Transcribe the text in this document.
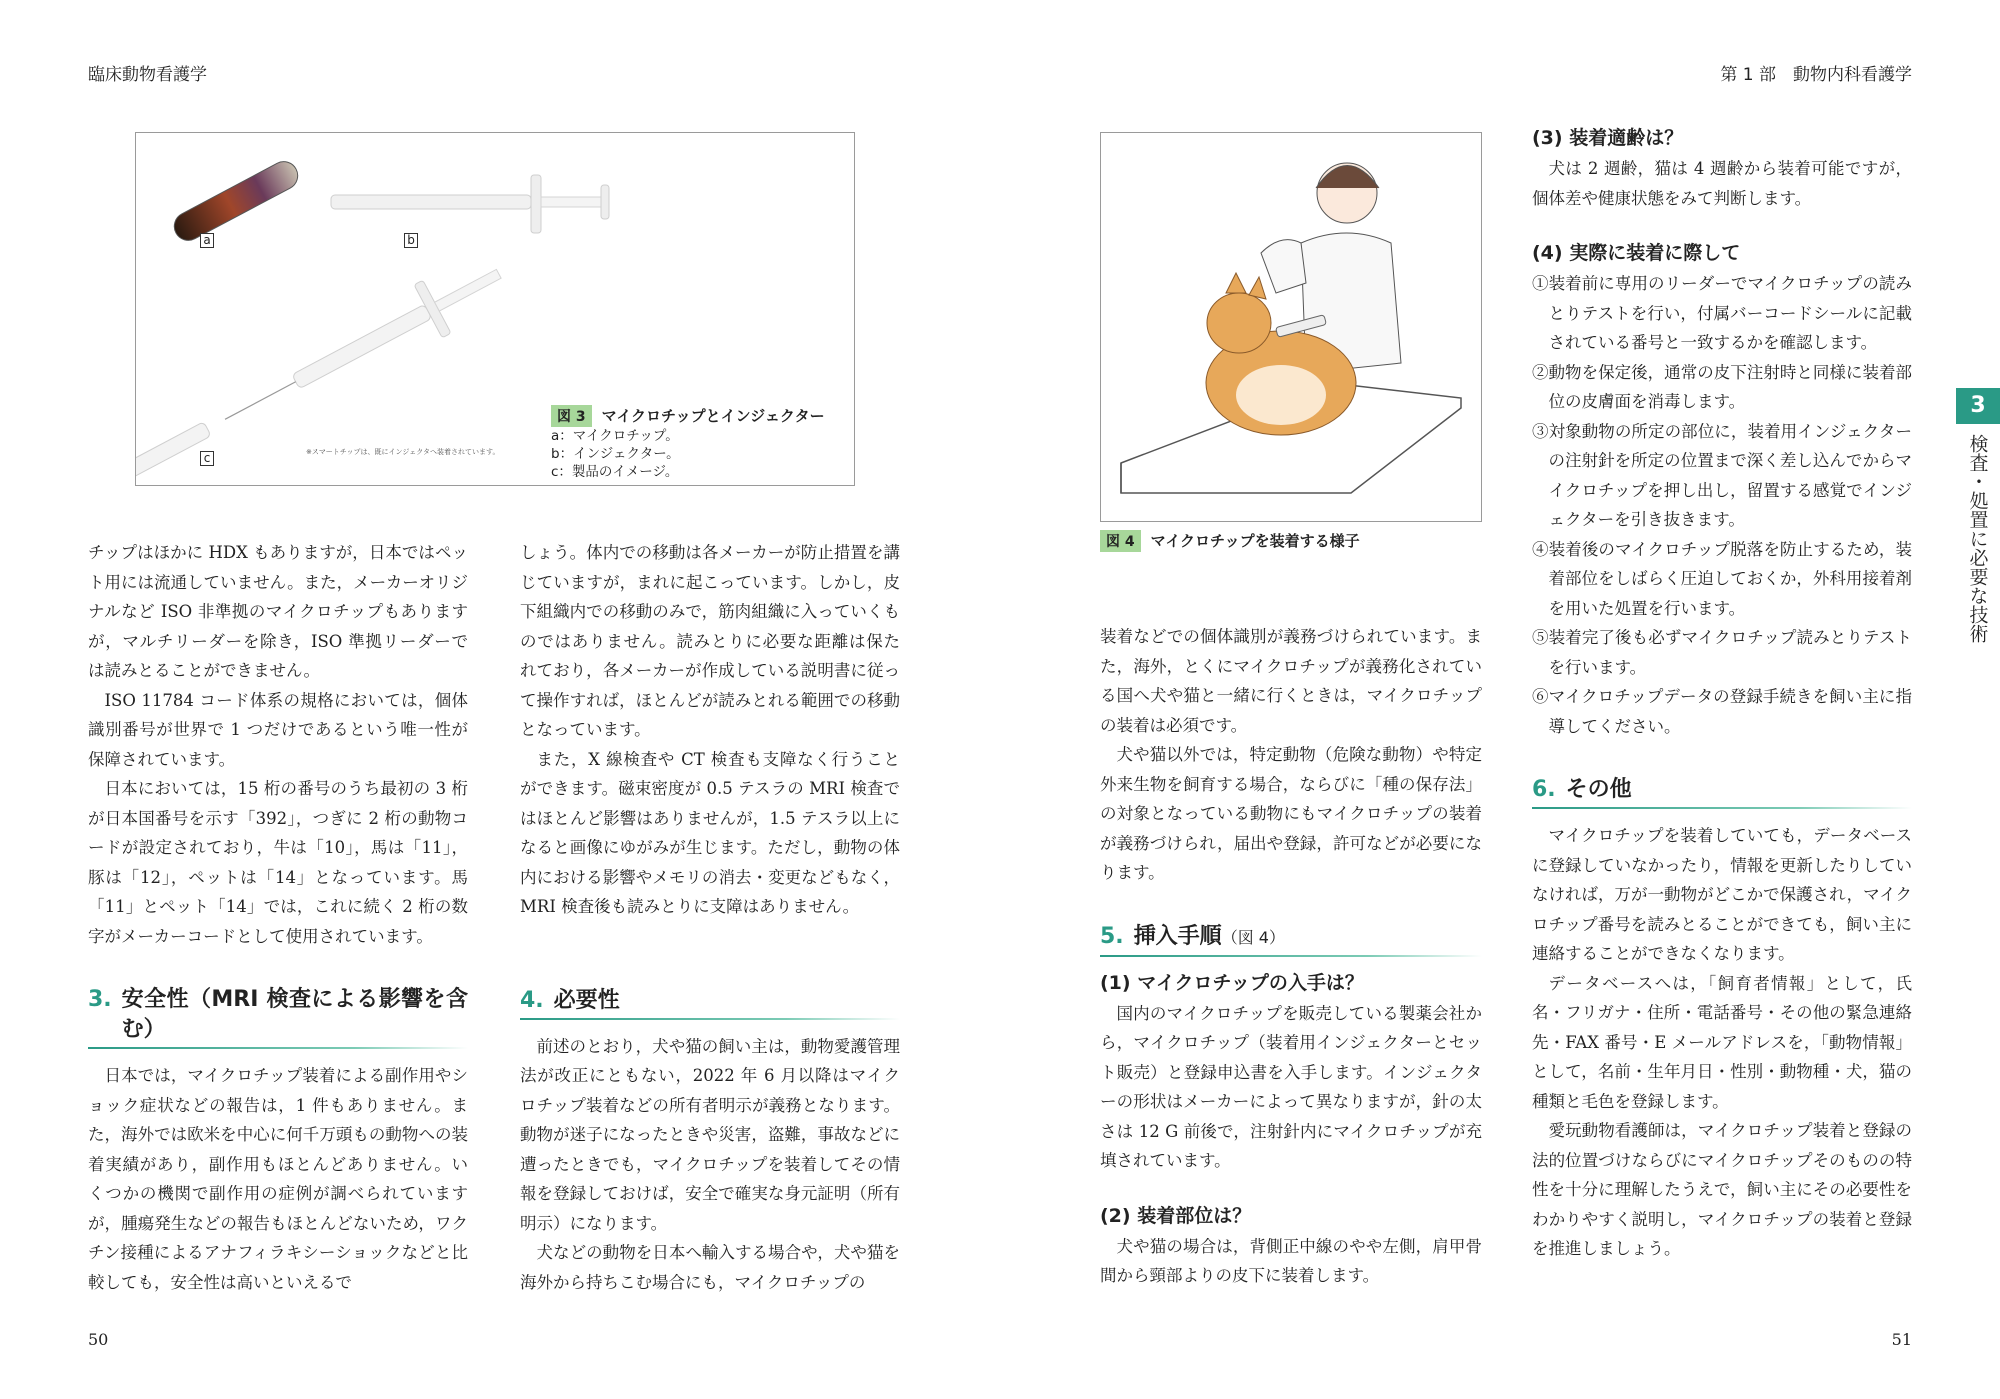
臨床動物看護学	第 1 部　動物内科看護学
a	b
c	※スマートチップは、既にインジェクタへ装着されています。
図 3 マイクロチップとインジェクター
a：マイクロチップ。
b：インジェクター。
c：製品のイメージ。

チップはほかに HDX もありますが，日本ではペット用には流通していません。また，メーカーオリジナルなど ISO 非準拠のマイクロチップもありますが，マルチリーダーを除き，ISO 準拠リーダーでは読みとることができません。

ISO 11784 コード体系の規格においては，個体識別番号が世界で 1 つだけであるという唯一性が保障されています。

日本においては，15 桁の番号のうち最初の 3 桁が日本国番号を示す「392」，つぎに 2 桁の動物コードが設定されており，牛は「10」，馬は「11」，豚は「12」，ペットは「14」となっています。馬「11」とペット「14」では，これに続く 2 桁の数字がメーカーコードとして使用されています。

3. 安全性（MRI 検査による影響を含む）

日本では，マイクロチップ装着による副作用やショック症状などの報告は，1 件もありません。また，海外では欧米を中心に何千万頭もの動物への装着実績があり，副作用もほとんどありません。いくつかの機関で副作用の症例が調べられていますが，腫瘍発生などの報告もほとんどないため，ワクチン接種によるアナフィラキシーショックなどと比較しても，安全性は高いといえるで

しょう。体内での移動は各メーカーが防止措置を講じていますが，まれに起こっています。しかし，皮下組織内での移動のみで，筋肉組織に入っていくものではありません。読みとりに必要な距離は保たれており，各メーカーが作成している説明書に従って操作すれば，ほとんどが読みとれる範囲での移動となっています。

また，X 線検査や CT 検査も支障なく行うことができます。磁束密度が 0.5 テスラの MRI 検査ではほとんど影響はありませんが，1.5 テスラ以上になると画像にゆがみが生じます。ただし，動物の体内における影響やメモリの消去・変更などもなく，MRI 検査後も読みとりに支障はありません。

4. 必要性

前述のとおり，犬や猫の飼い主は，動物愛護管理法が改正にともない，2022 年 6 月以降はマイクロチップ装着などの所有者明示が義務となります。動物が迷子になったときや災害，盗難，事故などに遭ったときでも，マイクロチップを装着してその情報を登録しておけば，安全で確実な身元証明（所有明示）になります。

犬などの動物を日本へ輸入する場合や，犬や猫を海外から持ちこむ場合にも，マイクロチップの

図 4 マイクロチップを装着する様子

装着などでの個体識別が義務づけられています。また，海外，とくにマイクロチップが義務化されている国へ犬や猫と一緒に行くときは，マイクロチップの装着は必須です。

犬や猫以外では，特定動物（危険な動物）や特定外来生物を飼育する場合，ならびに「種の保存法」の対象となっている動物にもマイクロチップの装着が義務づけられ，届出や登録，許可などが必要になります。

5. 挿入手順（図 4）
(1) マイクロチップの入手は？

国内のマイクロチップを販売している製薬会社から，マイクロチップ（装着用インジェクターとセット販売）と登録申込書を入手します。インジェクターの形状はメーカーによって異なりますが，針の太さは 12 G 前後で，注射針内にマイクロチップが充填されています。

(2) 装着部位は？

犬や猫の場合は，背側正中線のやや左側，肩甲骨間から頸部よりの皮下に装着します。

(3) 装着適齢は？

犬は 2 週齢，猫は 4 週齢から装着可能ですが，個体差や健康状態をみて判断します。

(4) 実際に装着に際して
①装着前に専用のリーダーでマイクロチップの読みとりテストを行い，付属バーコードシールに記載されている番号と一致するかを確認します。
②動物を保定後，通常の皮下注射時と同様に装着部位の皮膚面を消毒します。
③対象動物の所定の部位に，装着用インジェクターの注射針を所定の位置まで深く差し込んでからマイクロチップを押し出し，留置する感覚でインジェクターを引き抜きます。
④装着後のマイクロチップ脱落を防止するため，装着部位をしばらく圧迫しておくか，外科用接着剤を用いた処置を行います。
⑤装着完了後も必ずマイクロチップ読みとりテストを行います。
⑥マイクロチップデータの登録手続きを飼い主に指導してください。
6. その他

マイクロチップを装着していても，データベースに登録していなかったり，情報を更新したりしていなければ，万が一動物がどこかで保護され，マイクロチップ番号を読みとることができても，飼い主に連絡することができなくなります。

データベースへは，「飼育者情報」として，氏名・フリガナ・住所・電話番号・その他の緊急連絡先・FAX 番号・E メールアドレスを，「動物情報」として，名前・生年月日・性別・動物種・犬，猫の種類と毛色を登録します。

愛玩動物看護師は，マイクロチップ装着と登録の法的位置づけならびにマイクロチップそのものの特性を十分に理解したうえで，飼い主にその必要性をわかりやすく説明し，マイクロチップの装着と登録を推進しましょう。

3
検査・処置に必要な技術
50	51
